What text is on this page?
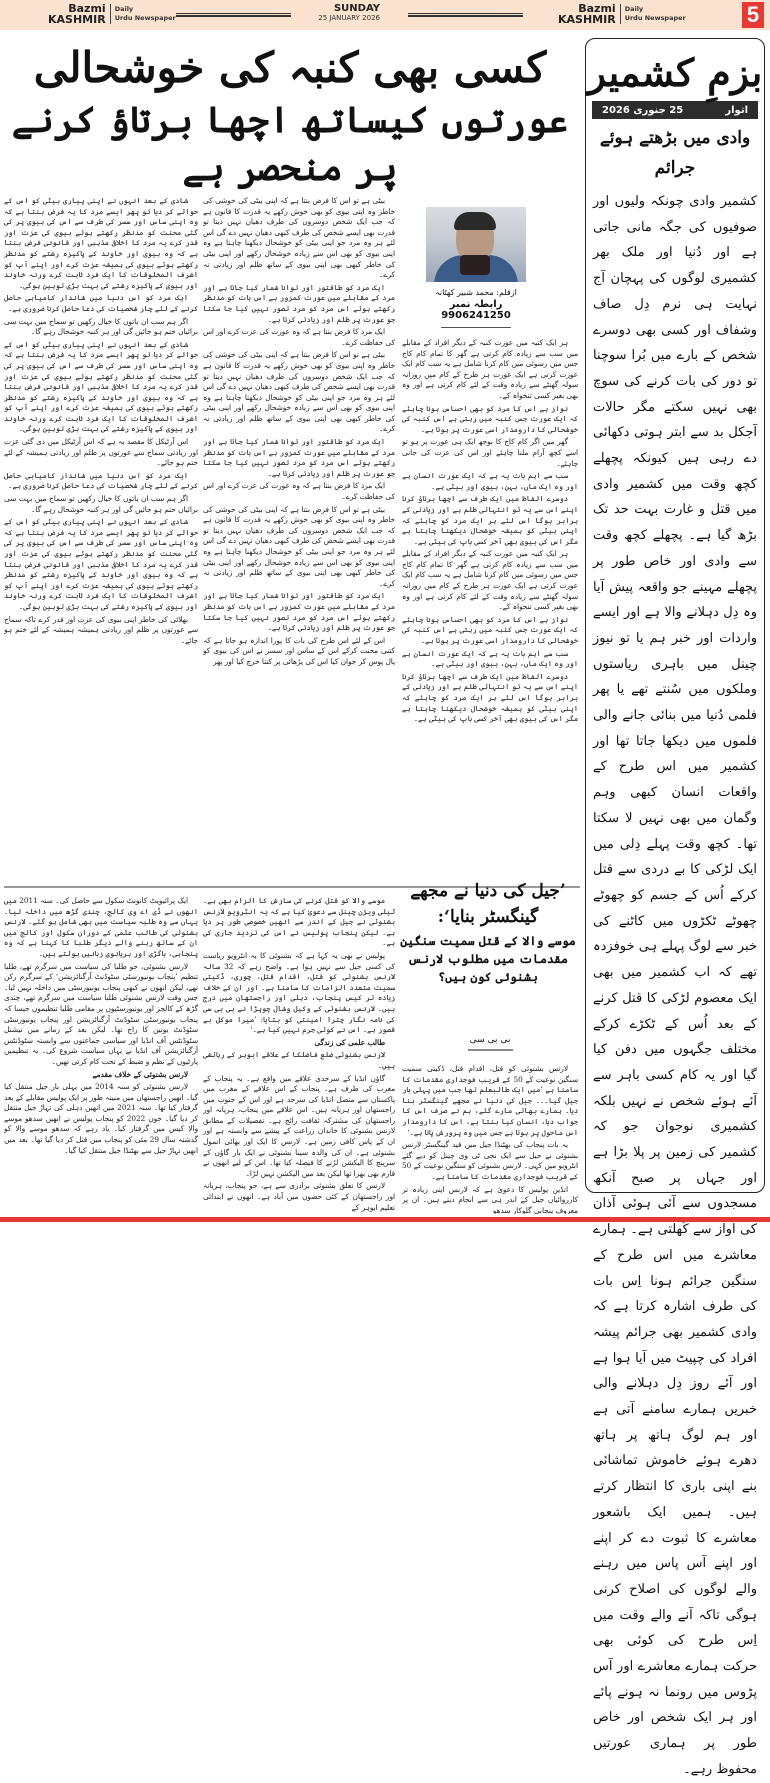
Bazmi
KASHMIR
Daily
Urdu Newspaper
SUNDAY
25 JANUARY 2026
Bazmi
KASHMIR
Daily
Urdu Newspaper	5
کسی بھی کنبہ کی خوشحالی
عورتوں کیساتھ اچھا برتاؤ کرنے پر منحصر ہے
ازقلم: محمد شبیر کھٹانہ
رابطہ نمبر 9906241250

ہر ایک کنبہ میں عورت کنبہ کے دیگر افراد کے مقابلے میں سب سے زیادہ کام کرتی ہے گھر کا تمام کام کاج جس میں رسوئی میں کام کرنا شامل ہے یہ سب کام ایک عورت کرتی ہے ایک عورت ہر طرح کے کام میں روزانہ سولہ گھنٹے سے زیادہ وقت کے لئے کام کرتی ہے اور وہ بھی بغیر کسی تنخواہ کے۔

نواز ہے اس کا مرد کو بھی احساس ہونا چاہئے کہ ایک عورت جس کنبہ میں رہتی ہے اس کنبہ کی خوشحالی کا دارومدار اسی عورت پر ہوتا ہے۔

گھر میں اگر کام کاج کا بوجھ ایک ہی عورت پر ہو تو اسے کچھ آرام ملنا چاہئے اور اس کی عزت کی جانی چاہئے۔

سب سے اہم بات یہ ہے کہ ایک عورت انسان ہے اور وہ ایک ماں، بہن، بیوی اور بیٹی ہے۔

دوسرے الفاظ میں ایک طرف سے اچھا برتاؤ کرنا اپنے اس سے یہ تو انتہائی ظلم ہے اور زیادتی کے برابر ہوگا اس لئے ہر ایک مرد کو چاہئے کہ اپنی بیٹی کو ہمیشہ خوشحال دیکھنا چاہتا ہے مگر اس کی بیوی بھی آخر کسی باپ کی بیٹی ہے۔

ہر ایک کنبہ میں عورت کنبہ کے دیگر افراد کے مقابلے میں سب سے زیادہ کام کرتی ہے گھر کا تمام کام کاج جس میں رسوئی میں کام کرنا شامل ہے یہ سب کام ایک عورت کرتی ہے ایک عورت ہر طرح کے کام میں روزانہ سولہ گھنٹے سے زیادہ وقت کے لئے کام کرتی ہے اور وہ بھی بغیر کسی تنخواہ کے۔

نواز ہے اس کا مرد کو بھی احساس ہونا چاہئے کہ ایک عورت جس کنبہ میں رہتی ہے اس کنبہ کی خوشحالی کا دارومدار اسی عورت پر ہوتا ہے۔

سب سے اہم بات یہ ہے کہ ایک عورت انسان ہے اور وہ ایک ماں، بہن، بیوی اور بیٹی ہے۔

دوسرے الفاظ میں ایک طرف سے اچھا برتاؤ کرنا اپنے اس سے یہ تو انتہائی ظلم ہے اور زیادتی کے برابر ہوگا اس لئے ہر ایک مرد کو چاہئے کہ اپنی بیٹی کو ہمیشہ خوشحال دیکھنا چاہتا ہے مگر اس کی بیوی بھی آخر کسی باپ کی بیٹی ہے۔

بیٹی ہے تو اس کا فرض بنتا ہے کہ اپنی بیٹی کی خوشی کی خاطر وہ اپنی بیوی کو بھی خوش رکھے یہ قدرت کا قانون ہے کہ جب ایک شخص دوسروں کی طرف دھیان نہیں دیتا تو قدرت بھی ایسے شخص کی طرف کبھی دھیان نہیں دے گی اس لئے ہر وہ مرد جو اپنی بیٹی کو خوشحال دیکھنا چاہتا ہے وہ اپنی بیوی کو بھی اس سے زیادہ خوشحال رکھے اور اپنی بیٹی کی خاطر کبھی بھی اپنی بیوی کے ساتھ ظلم اور زیادتی نہ کرے۔

ایک مرد کو طاقتور اور توانا شمار کیا جاتا ہے اور مرد کے مقابلے میں عورت کمزور ہے اس بات کو مدنظر رکھتے ہوئے اس مرد کو مرد تصور نہیں کیا جا سکتا جو عورت پر ظلم اور زیادتی کرتا ہے۔

ایک مرد کا فرض بنتا ہے کہ وہ عورت کی عزت کرے اور اس کی حفاظت کرے۔

بیٹی ہے تو اس کا فرض بنتا ہے کہ اپنی بیٹی کی خوشی کی خاطر وہ اپنی بیوی کو بھی خوش رکھے یہ قدرت کا قانون ہے کہ جب ایک شخص دوسروں کی طرف دھیان نہیں دیتا تو قدرت بھی ایسے شخص کی طرف کبھی دھیان نہیں دے گی اس لئے ہر وہ مرد جو اپنی بیٹی کو خوشحال دیکھنا چاہتا ہے وہ اپنی بیوی کو بھی اس سے زیادہ خوشحال رکھے اور اپنی بیٹی کی خاطر کبھی بھی اپنی بیوی کے ساتھ ظلم اور زیادتی نہ کرے۔

ایک مرد کو طاقتور اور توانا شمار کیا جاتا ہے اور مرد کے مقابلے میں عورت کمزور ہے اس بات کو مدنظر رکھتے ہوئے اس مرد کو مرد تصور نہیں کیا جا سکتا جو عورت پر ظلم اور زیادتی کرتا ہے۔

ایک مرد کا فرض بنتا ہے کہ وہ عورت کی عزت کرے اور اس کی حفاظت کرے۔

بیٹی ہے تو اس کا فرض بنتا ہے کہ اپنی بیٹی کی خوشی کی خاطر وہ اپنی بیوی کو بھی خوش رکھے یہ قدرت کا قانون ہے کہ جب ایک شخص دوسروں کی طرف دھیان نہیں دیتا تو قدرت بھی ایسے شخص کی طرف کبھی دھیان نہیں دے گی اس لئے ہر وہ مرد جو اپنی بیٹی کو خوشحال دیکھنا چاہتا ہے وہ اپنی بیوی کو بھی اس سے زیادہ خوشحال رکھے اور اپنی بیٹی کی خاطر کبھی بھی اپنی بیوی کے ساتھ ظلم اور زیادتی نہ کرے۔

ایک مرد کو طاقتور اور توانا شمار کیا جاتا ہے اور مرد کے مقابلے میں عورت کمزور ہے اس بات کو مدنظر رکھتے ہوئے اس مرد کو مرد تصور نہیں کیا جا سکتا جو عورت پر ظلم اور زیادتی کرتا ہے۔

اس کے لئے اس طرح کی بات کا پورا اندازہ ہو جاتا ہے کہ کتنی محنت کرکے اس کے ساس اور سسر نے اس کی بیوی کو پال پوس کر جوان کیا اس کی پڑھائی پر کتنا خرچ کیا اور پھر

شادی کے بعد انہوں نے اپنی پیاری بیٹی کو اس کے حوالے کر دیا تو پھر ایسے مرد کا یہ فرض بنتا ہے کہ وہ اپنی ساس اور سسر کی طرف سے اس کی بیوی پر کی گئی محنت کو مدنظر رکھتے ہوئے بیوی کی عزت اور قدر کرے یہ مرد کا اخلاقی مذہبی اور قانونی فرض بنتا ہے کہ وہ بیوی اور خاوند کے پاکیزہ رشتے کو مدنظر رکھتے ہوئے بیوی کی ہمیشہ عزت کرے اور اپنے آپ کو اشرف المخلوقات کا ایک فرد ثابت کرے ورنہ خاوند اور بیوی کے پاکیزہ رشتے کی بہت بڑی توہین ہوگی۔

ایک مرد کو اس دنیا میں شاندار کامیابی حاصل کرنے کے لئے چار شخصیات کی دعا حاصل کرنا ضروری ہے۔

اگر ہم سب ان باتوں کا خیال رکھیں تو سماج میں بہت سی برائیاں ختم ہو جائیں گی اور ہر کنبہ خوشحال رہے گا۔

شادی کے بعد انہوں نے اپنی پیاری بیٹی کو اس کے حوالے کر دیا تو پھر ایسے مرد کا یہ فرض بنتا ہے کہ وہ اپنی ساس اور سسر کی طرف سے اس کی بیوی پر کی گئی محنت کو مدنظر رکھتے ہوئے بیوی کی عزت اور قدر کرے یہ مرد کا اخلاقی مذہبی اور قانونی فرض بنتا ہے کہ وہ بیوی اور خاوند کے پاکیزہ رشتے کو مدنظر رکھتے ہوئے بیوی کی ہمیشہ عزت کرے اور اپنے آپ کو اشرف المخلوقات کا ایک فرد ثابت کرے ورنہ خاوند اور بیوی کے پاکیزہ رشتے کی بہت بڑی توہین ہوگی۔

اس آرٹیکل کا مقصد یہ ہے کہ اس آرٹیکل میں دی گئی عزت اور زیادتی سماج سے عورتوں پر ظلم اور زیادتی ہمیشہ کے لئے ختم ہو جائے۔

ایک مرد کو اس دنیا میں شاندار کامیابی حاصل کرنے کے لئے چار شخصیات کی دعا حاصل کرنا ضروری ہے۔

اگر ہم سب ان باتوں کا خیال رکھیں تو سماج میں بہت سی برائیاں ختم ہو جائیں گی اور ہر کنبہ خوشحال رہے گا۔

شادی کے بعد انہوں نے اپنی پیاری بیٹی کو اس کے حوالے کر دیا تو پھر ایسے مرد کا یہ فرض بنتا ہے کہ وہ اپنی ساس اور سسر کی طرف سے اس کی بیوی پر کی گئی محنت کو مدنظر رکھتے ہوئے بیوی کی عزت اور قدر کرے یہ مرد کا اخلاقی مذہبی اور قانونی فرض بنتا ہے کہ وہ بیوی اور خاوند کے پاکیزہ رشتے کو مدنظر رکھتے ہوئے بیوی کی ہمیشہ عزت کرے اور اپنے آپ کو اشرف المخلوقات کا ایک فرد ثابت کرے ورنہ خاوند اور بیوی کے پاکیزہ رشتے کی بہت بڑی توہین ہوگی۔

بھلائی کی خاطر اپنی بیوی کی عزت اور قدر کرے تاکہ سماج سے عورتوں پر ظلم اور زیادتی ہمیشہ ہمیشہ کے لئے ختم ہو جائے۔

’جیل کی دنیا نے مجھے گینگسٹر بنایا‘:
موسے والا کے قتل سمیت سنگین مقدمات میں مطلوب لارنس بشنوئی کون ہیں؟
بی بی سی

لارنس بشنوئی کو قتل، اقدام قتل، ڈکیتی سمیت سنگین نوعیت کے 50 کے قریب فوجداری مقدمات کا سامنا ہے ’میں ایک طالبعلم تھا جب میں پہلی بار جیل گیا۔۔۔ جیل کی دنیا نے مجھے گینگسٹر بنا دیا۔ ہمارے بھائی مارے گئے، ہم نے صرف اس کا جواب دیا، انسان کیا بنتا ہے، اس کا دارومدار اس ماحول پر ہوتا ہے جس میں وہ پرورش پاتا ہے۔‘

یہ بات پنجاب کی بھٹنڈا جیل میں قید گینگسٹر لارنس بشنوئی نے جیل سے ایک نجی ٹی وی چینل کو دیے گئے انٹرویو میں کہی۔ لارنس بشنوئی کو سنگین نوعیت کے 50 کے قریب فوجداری مقدمات کا سامنا ہے۔

انڈین پولیس کا دعویٰ ہے کہ لارنس اپنی زیادہ تر کارروائیاں جیل کے اندر ہی سے انجام دیتے ہیں۔ ان پر معروف پنجابی گلوکار سدھو

موسے والا کو قتل کرنے کی سازش کا الزام بھی ہے۔ ٹیلی ویژن چینل سے دعویٰ کیا ہے کہ یہ انٹرویو لارنس بشنوئی نے جیل کے اندر سے انھیں خصوصی طور پر دیا ہے۔ لیکن پنجاب پولیس نے اس کی تردید جاری کی ہے۔

پولیس نے بھی یہ کہا ہے کہ بشنوئی کا یہ انٹرویو ریاست کی کسی جیل سے نہیں ہوا ہے۔ واضح رہے کہ 32 سالہ لارنس بشنوئی کو قتل، اقدام قتل، چوری، ڈکیتی سمیت متعدد الزامات کا سامنا ہے۔ اور ان کے خلاف زیادہ تر کیس پنجاب، دہلی اور راجستھان میں درج ہیں۔ لارنس بشنوئی کے وکیل وشال چوپڑا نے بی بی سی کی نامہ نگار چترا امینتی کو بتایا: ’میرا موکل بے قصور ہے۔ اس نے کوئی جرم نہیں کیا ہے۔‘

طالب علمی کی زندگی

لارنس بشنوئی ضلع فاضلکا کے علاقے ابوہر کے رہائشی ہیں۔

گاؤں انڈیا کے سرحدی علاقے میں واقع ہے۔ یہ پنجاب کے مغرب کی طرف ہے۔ پنجاب کے اس علاقے کے مغرب میں پاکستان سے متصل انڈیا کی سرحد ہے اور اس کے جنوب میں راجستھان اور ہریانہ ہیں۔ اس علاقے میں پنجاب، ہریانہ اور راجستھان کی مشترکہ ثقافت رائج ہے۔ تفصیلات کے مطابق لارنس بشنوئی کا خاندان زراعت کے پیشے سے وابستہ ہے اور ان کے پاس کافی زمین ہے۔ لارنس کا ایک اور بھائی انمول بشنوئی ہے۔ ان کی والدہ سینا بشنوئی نے ایک بار گاؤں کے سرپنچ کا الیکشن لڑنے کا فیصلہ کیا تھا۔ اس کے لیے انھوں نے فارم بھی بھرا تھا لیکن بعد میں الیکشن نہیں لڑا۔

لارنس کا تعلق بشنوئی برادری سے ہے، جو پنجاب، ہریانہ اور راجستھان کے کئی حصوں میں آباد ہے۔ انھوں نے ابتدائی تعلیم ابوہر کے

ایک پرائیویٹ کانونٹ سکول سے حاصل کی۔ سنہ 2011 میں انھوں نے ڈی اے وی کالج، چندی گڑھ میں داخلہ لیا۔ یہاں سے وہ طلبہ سیاست میں بھی شامل ہو گئے۔ لارنس بشنوئی کی طالب علمی کے دوران سکول اور کالج میں ان کے ساتھ رہنے والے دیگر طلبا کا کہنا ہے کہ وہ پنجابی، باگڑی اور ہریانوی زبانیں بولتے ہیں۔

لارنس بشنوئی، جو طلبا کی سیاست میں سرگرم تھے، طلبا تنظیم ’پنجاب یونیورسٹی سٹوڈنٹ آرگنائزیشن‘ کے سرگرم رکن تھے، لیکن انھوں نے کبھی پنجاب یونیورسٹی میں داخلہ نہیں لیا۔ جس وقت لارنس بشنوئی طلبا سیاست میں سرگرم تھے، چندی گڑھ کے کالجز اور یونیورسٹیوں پر مقامی طلبا تنظیموں جیسا کہ پنجاب یونیورسٹی سٹوڈنٹ آرگنائزیشن اور پنجاب یونیورسٹی سٹوڈنٹ یونین کا راج تھا۔ لیکن بعد کے زمانے میں نیشنل سٹوڈنٹس آف انڈیا اور سیاسی جماعتوں سے وابستہ سٹوڈنٹس آرگنائزیشن آف انڈیا نے یہاں سیاست شروع کی۔ یہ تنظیمیں پارٹیوں کے نظم و ضبط کے تحت کام کرتی تھیں۔

لارنس بشنوئی کے خلاف مقدمے

لارنس بشنوئی کو سنہ 2014 میں پہلی بار جیل منتقل کیا گیا۔ انھیں راجستھان میں مبینہ طور پر ایک پولیس مقابلے کے بعد گرفتار کیا تھا۔ سنہ 2021 میں انھیں دہلی کی تہاڑ جیل منتقل کر دیا گیا۔ جون 2022 کو پنجاب پولیس نے انھیں سدھو موسے والا کیس میں گرفتار کیا۔ یاد رہے کہ سدھو موسے والا کو گذشتہ سال 29 مئی کو پنجاب میں قتل کر دیا گیا تھا۔ بعد میں انھیں تہاڑ جیل سے بھٹنڈا جیل منتقل کیا گیا۔

بزمِ کشمیر
25 جنوری 2026	اتوار
وادی میں بڑھتے ہوئے جرائم
کشمیر وادی چونکہ ولیوں اور صوفیوں کی جگہ مانی جاتی ہے اور دُنیا اور ملک بھر کشمیری لوگوں کی پہچان آج نہایت ہی نرم دِل صاف وشفاف اور کسی بھی دوسرے شخص کے بارے میں بُرا سوچنا تو دور کی بات کرنے کی سوچ بھی نہیں سکتے مگر حالات آجکل بد سے ابتر ہوتی دکھائی دے رہی ہیں کیونکہ پچھلے کچھ وقت میں کشمیر وادی میں قتل و غارت بہت حد تک بڑھ گیا ہے۔ پچھلے کچھ وقت سے وادی اور خاص طور پر پچھلے مہینے جو واقعہ پیش آیا وہ دِل دہلانے والا ہے اور ایسے واردات اور خبر ہم یا تو نیوز چینل میں باہری ریاستوں وملکوں میں سُنتے تھے یا پھر فلمی دُنیا میں بنائی جانے والی فلموں میں دیکھا جاتا تھا اور کشمیر میں اس طرح کے واقعات انسان کبھی وہم وگمان میں بھی نہیں لا سکتا تھا۔ کچھ وقت پہلے دِلی میں ایک لڑکی کا بے دردی سے قتل کرکے اُس کے جسم کو چھوٹے چھوٹے ٹکڑوں میں کاٹنے کی خبر سے لوگ پہلے ہی خوفزدہ تھے کہ اب کشمیر میں بھی ایک معصوم لڑکی کا قتل کرنے کے بعد اُس کے ٹکڑے کرکے مختلف جگہوں میں دفن کیا گیا اور یہ کام کسی باہر سے آئے ہوئے شخص نے نہیں بلکہ کشمیری نوجوان جو کہ کشمیر کی زمین پر پلا بڑا ہے اور جہاں پر صبح آنکھ مسجدوں سے آئی ہوئی آذان کی آواز سے کُھلتی ہے۔ ہمارے معاشرے میں اس طرح کے سنگین جرائم ہونا اِس بات کی طرف اشارہ کرتا ہے کہ وادی کشمیر بھی جرائم پیشہ افراد کی چپیٹ میں آیا ہوا ہے اور آئے روز دِل دہلانے والی خبریں ہمارے سامنے آتی ہے اور ہم لوگ ہاتھ پر ہاتھ دھرے ہوئے خاموش تماشائی بنے اپنی باری کا انتظار کرتے ہیں۔ ہمیں ایک باشعور معاشرے کا ثبوت دے کر اپنے اور اپنے آس پاس میں رہنے والے لوگوں کی اصلاح کرنی ہوگی تاکہ آنے والے وقت میں اِس طرح کی کوئی بھی حرکت ہمارے معاشرے اور آس پڑوس میں رونما نہ ہونے پائے اور ہر ایک شخص اور خاص طور پر ہماری عورتیں محفوظ رہے۔
